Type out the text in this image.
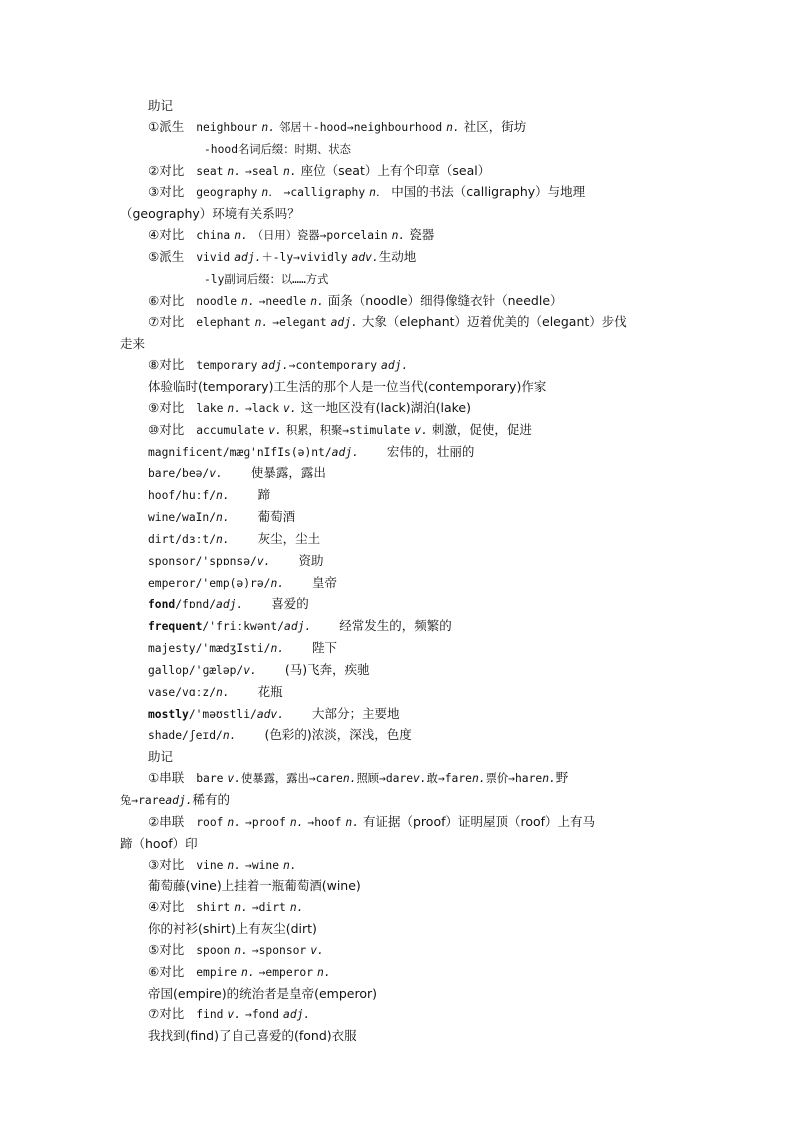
助记
①派生 neighbour n. 邻居＋-hood→neighbourhood n. 社区，街坊
-hood名词后缀：时期、状态
②对比 seat n. →seal n. 座位（seat）上有个印章（seal）
③对比 geography n． →calligraphy n． 中国的书法（calligraphy）与地理
（geography）环境有关系吗？
④对比 china n. （日用）瓷器→porcelain n. 瓷器
⑤派生 vivid adj.＋-ly→vividly adv.生动地
-ly副词后缀：以……方式
⑥对比 noodle n. →needle n. 面条（noodle）细得像缝衣针（needle）
⑦对比 elephant n. →elegant adj. 大象（elephant）迈着优美的（elegant）步伐
走来
⑧对比 temporary adj.→contemporary adj.
体验临时(temporary)工生活的那个人是一位当代(contemporary)作家
⑨对比 lake n. →lack v. 这一地区没有(lack)湖泊(lake)
⑩对比 accumulate v. 积累，积聚→stimulate v. 刺激，促使，促进
magnificent/mæɡ'nIfIs(ə)nt/adj. 宏伟的，壮丽的
bare/beə/v. 使暴露，露出
hoof/huːf/n. 蹄
wine/waIn/n. 葡萄酒
dirt/dɜːt/n. 灰尘，尘土
sponsor/'spɒnsə/v. 资助
emperor/'emp(ə)rə/n. 皇帝
fond/fɒnd/adj. 喜爱的
frequent/'friːkwənt/adj. 经常发生的，频繁的
majesty/'mædʒIsti/n. 陛下
gallop/'ɡæləp/v. (马)飞奔，疾驰
vase/vɑːz/n. 花瓶
mostly/'məʊstli/adv. 大部分；主要地
shade/ʃeɪd/n. (色彩的)浓淡，深浅，色度
助记
①串联 bare v.使暴露，露出→caren.照顾→darev.敢→faren.票价→haren.野
兔→rareadj.稀有的
②串联 roof n. →proof n. →hoof n. 有证据（proof）证明屋顶（roof）上有马
蹄（hoof）印
③对比 vine n. →wine n.
葡萄藤(vine)上挂着一瓶葡萄酒(wine)
④对比 shirt n. →dirt n.
你的衬衫(shirt)上有灰尘(dirt)
⑤对比 spoon n. →sponsor v.
⑥对比 empire n. →emperor n.
帝国(empire)的统治者是皇帝(emperor)
⑦对比 find v. →fond adj.
我找到(find)了自己喜爱的(fond)衣服
